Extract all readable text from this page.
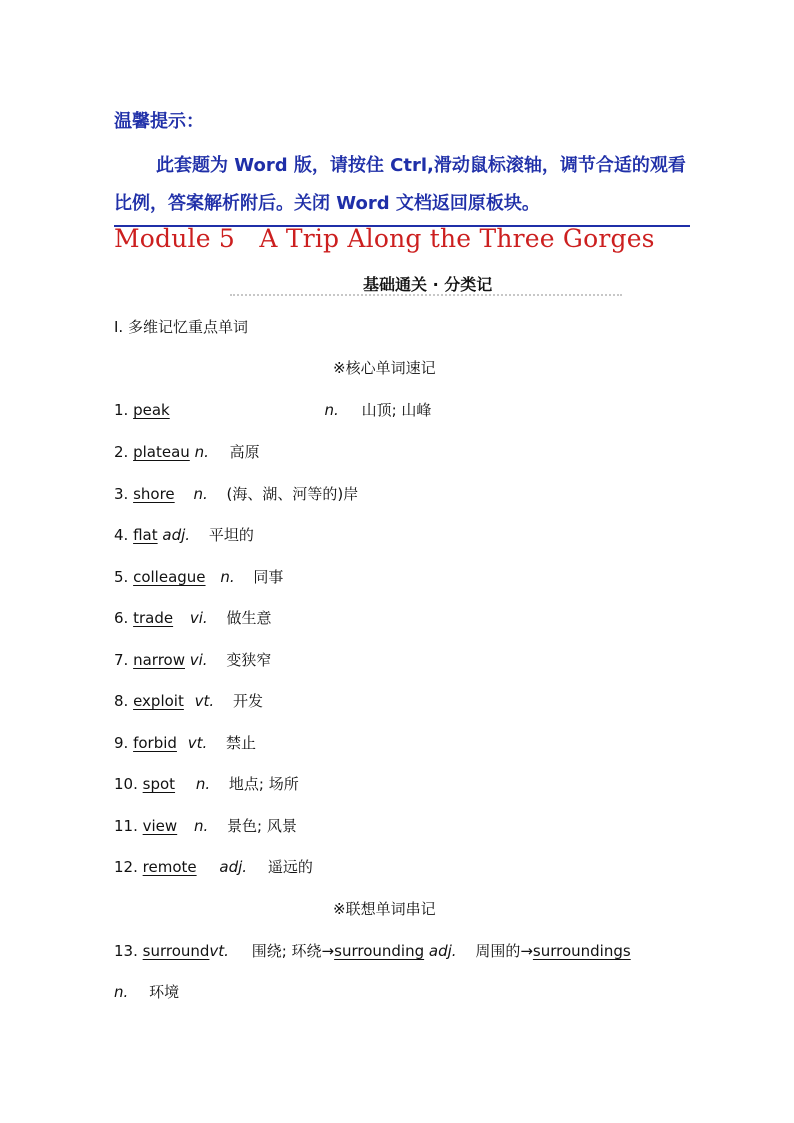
温馨提示：
此套题为 Word 版，请按住 Ctrl,滑动鼠标滚轴，调节合适的观看比例，答案解析附后。关闭 Word 文档返回原板块。
Module 5   A Trip Along the Three Gorges
基础通关 · 分类记
Ⅰ. 多维记忆重点单词
※核心单词速记
1. peak	n. 山顶; 山峰
2. plateau n. 高原
3. shore n. (海、湖、河等的)岸
4. flat adj. 平坦的
5. colleague n. 同事
6. trade vi. 做生意
7. narrow vi. 变狭窄
8. exploit vt. 开发
9. forbid vt. 禁止
10. spot n. 地点; 场所
11. view n. 景色; 风景
12. remote adj. 遥远的
※联想单词串记
13. surroundvt. 围绕; 环绕→surrounding adj. 周围的→surroundings
n. 环境
